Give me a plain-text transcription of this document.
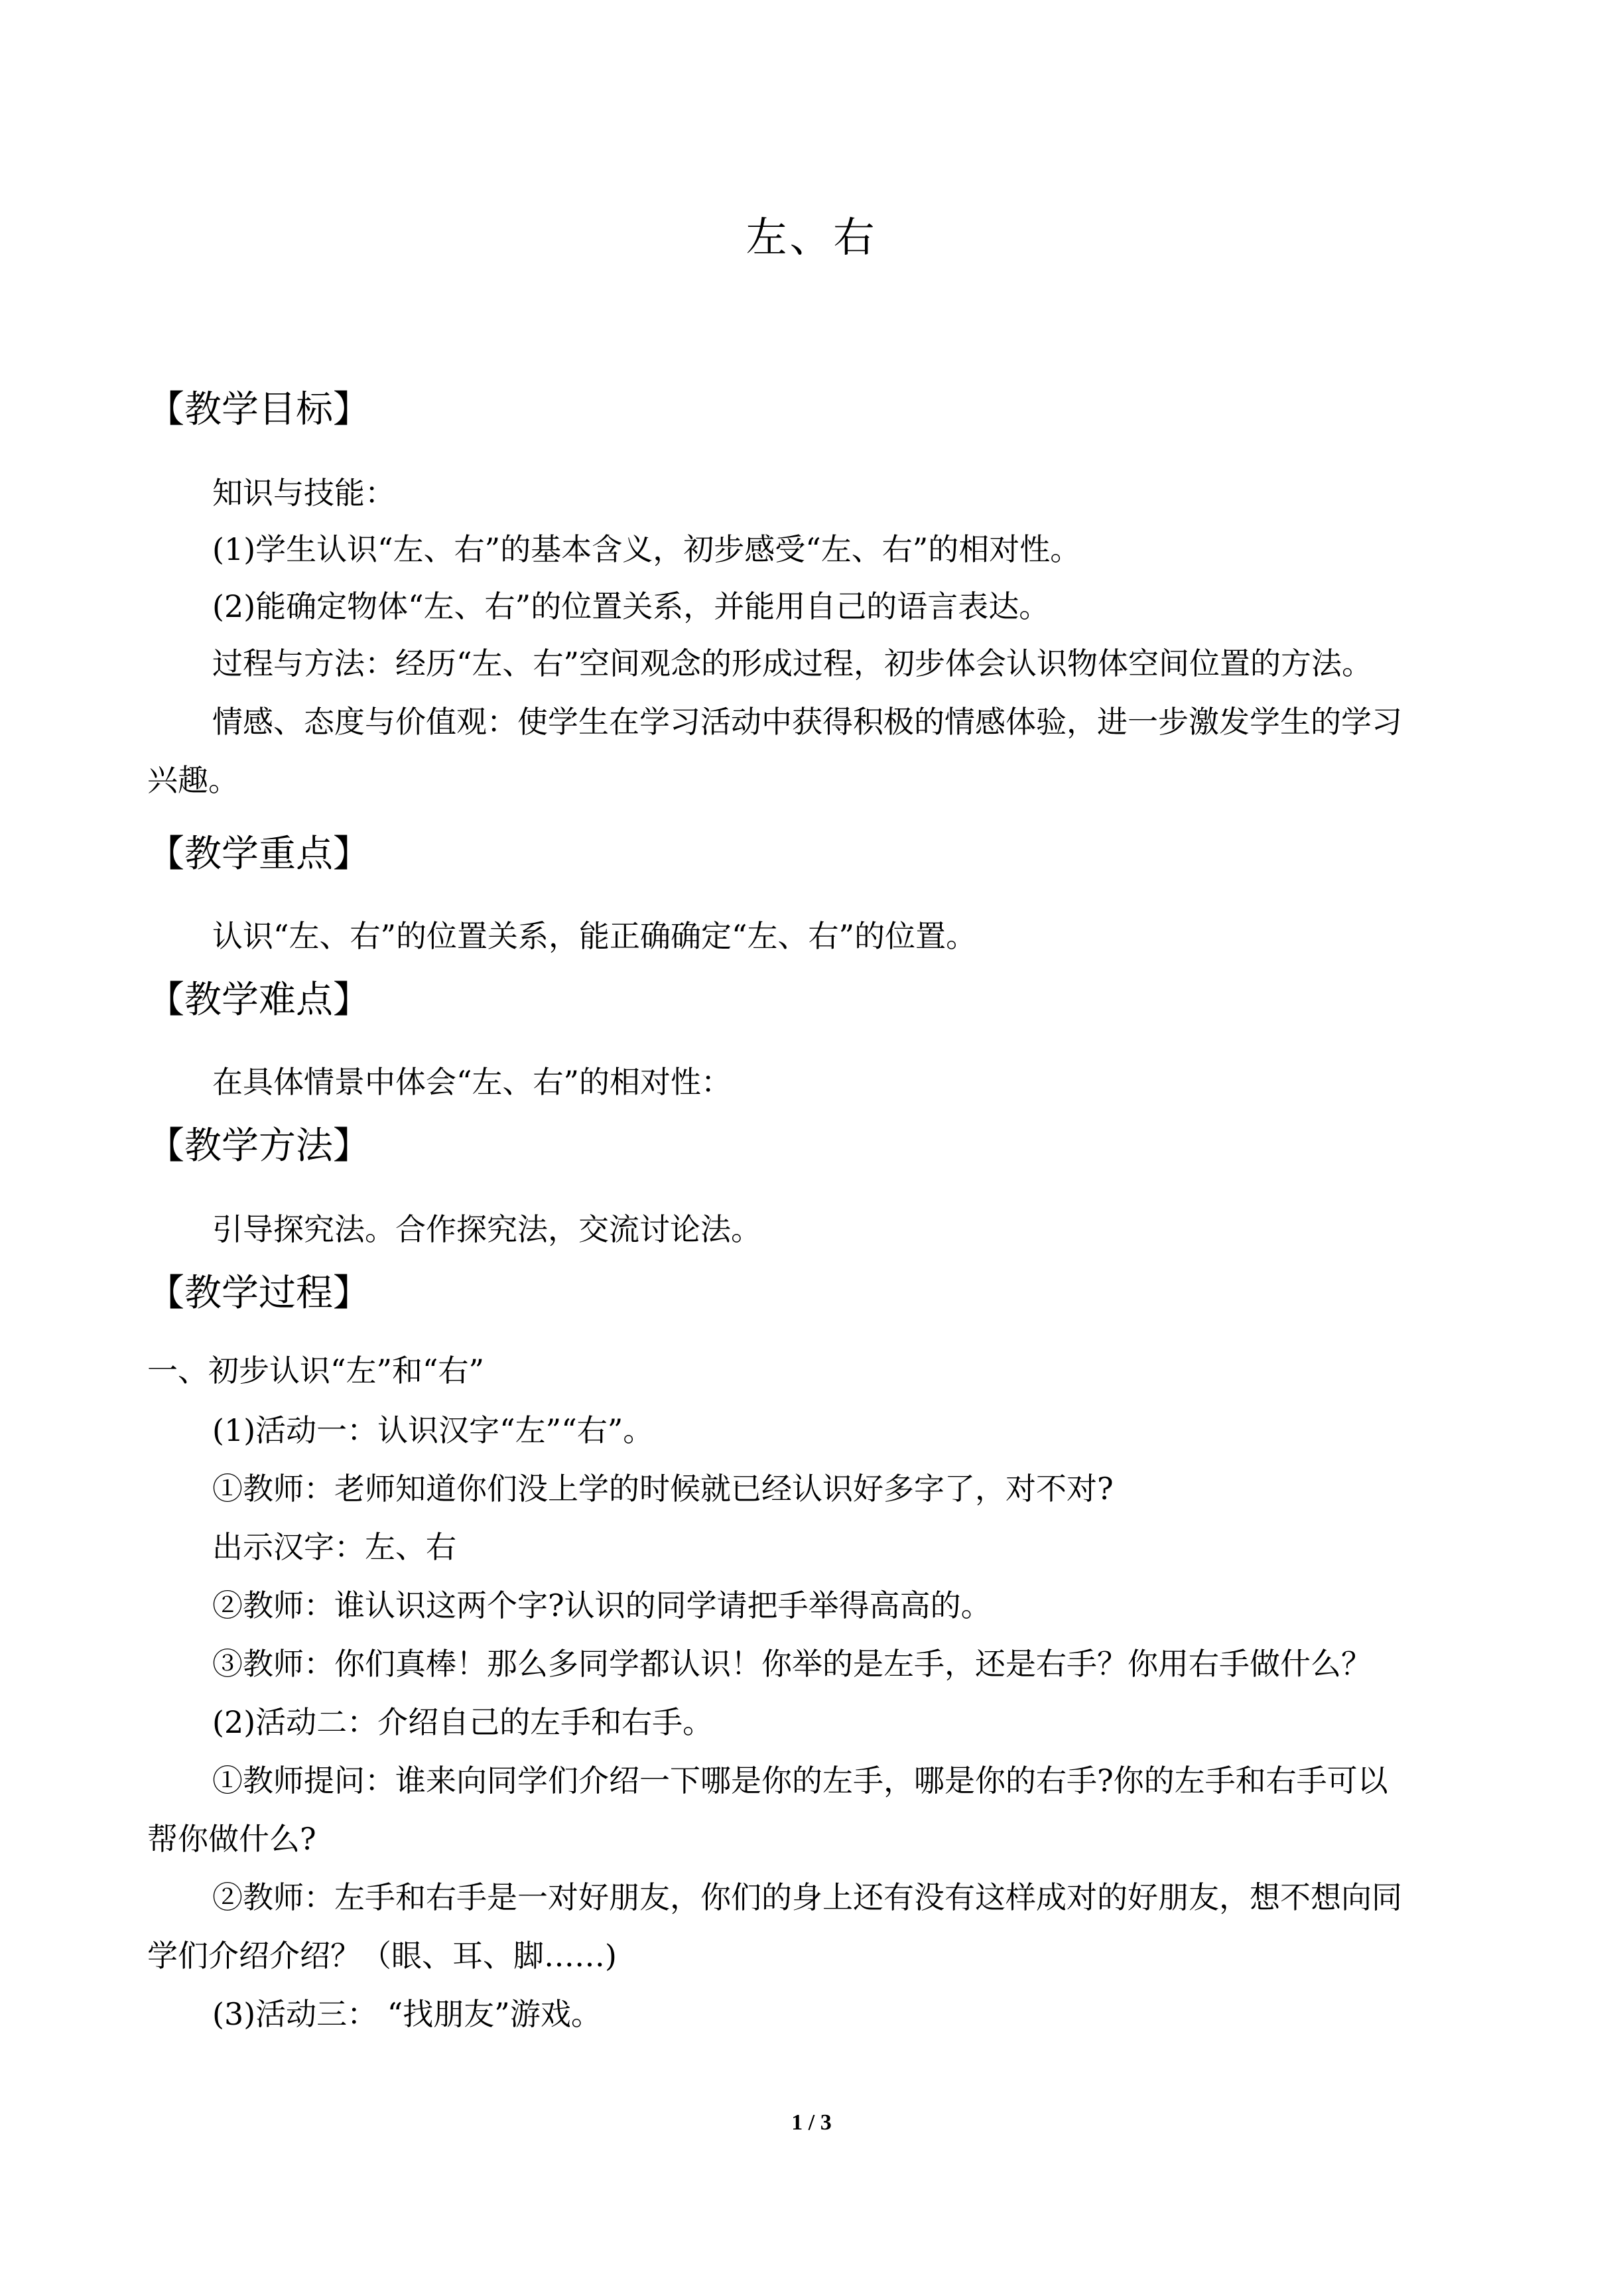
左、右
【教学目标】
知识与技能：
(1)学生认识“左、右”的基本含义，初步感受“左、右”的相对性。
(2)能确定物体“左、右”的位置关系，并能用自己的语言表达。
过程与方法：经历“左、右”空间观念的形成过程，初步体会认识物体空间位置的方法。
情感、态度与价值观：使学生在学习活动中获得积极的情感体验，进一步激发学生的学习
兴趣。
【教学重点】
认识“左、右”的位置关系，能正确确定“左、右”的位置。
【教学难点】
在具体情景中体会“左、右”的相对性：
【教学方法】
引导探究法。合作探究法，交流讨论法。
【教学过程】
一、初步认识“左”和“右”
(1)活动一：认识汉字“左”“右”。
①教师：老师知道你们没上学的时候就已经认识好多字了，对不对?
出示汉字：左、右
②教师：谁认识这两个字?认识的同学请把手举得高高的。
③教师：你们真棒！那么多同学都认识！你举的是左手，还是右手？你用右手做什么？
(2)活动二：介绍自己的左手和右手。
①教师提问：谁来向同学们介绍一下哪是你的左手，哪是你的右手?你的左手和右手可以
帮你做什么?
②教师：左手和右手是一对好朋友，你们的身上还有没有这样成对的好朋友，想不想向同
学们介绍介绍？（眼、耳、脚……)
(3)活动三： “找朋友”游戏。
1 / 3
